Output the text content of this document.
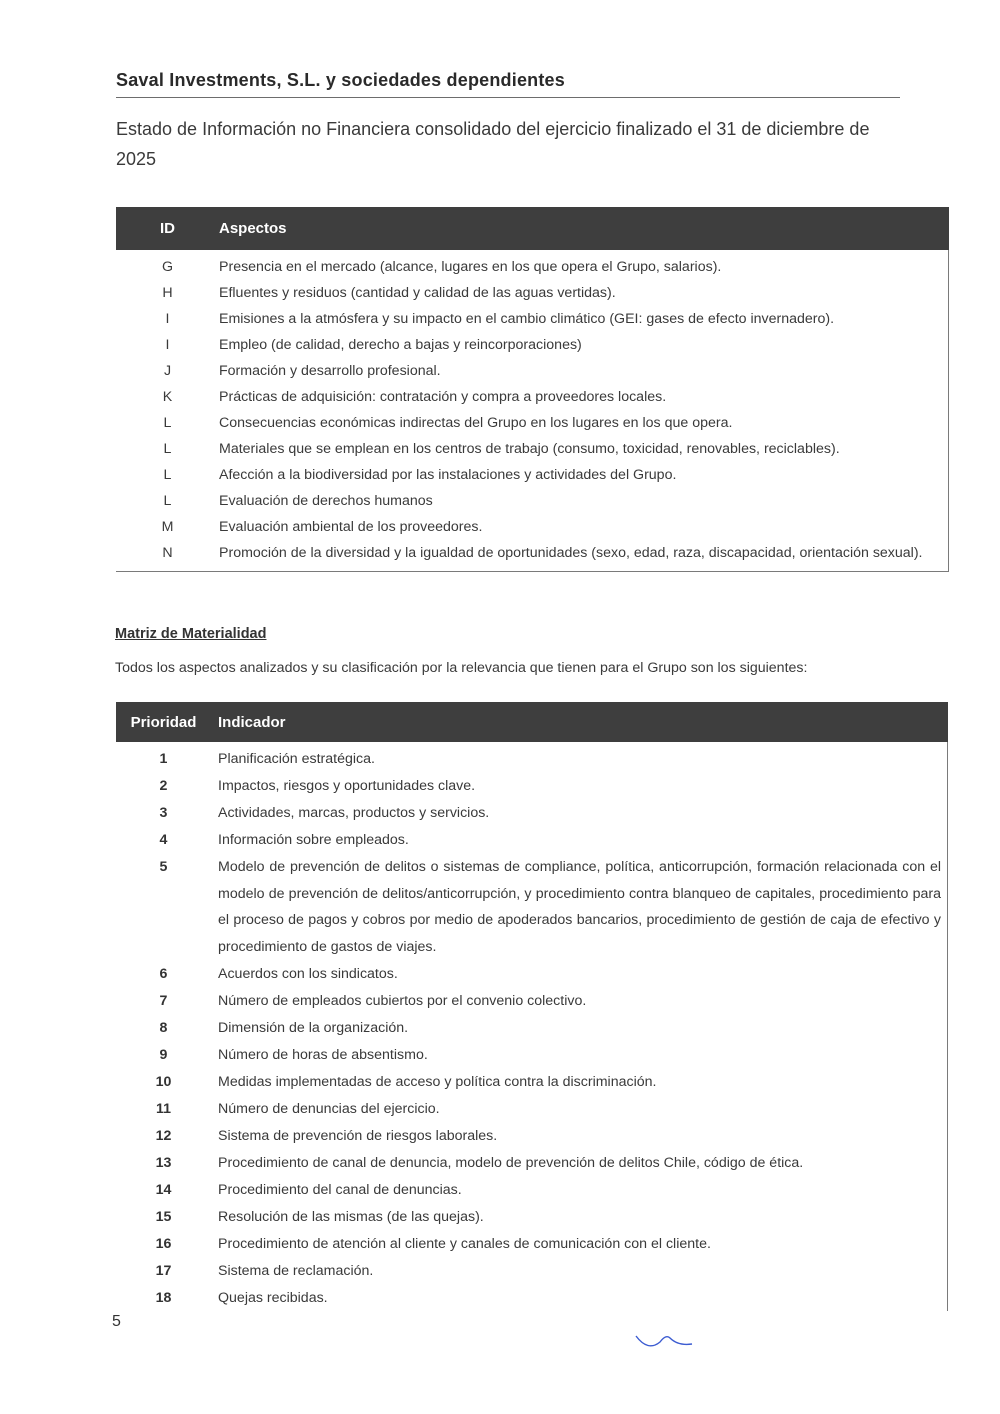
Saval Investments, S.L. y sociedades dependientes
Estado de Información no Financiera consolidado del ejercicio finalizado el 31 de diciembre de 2025
ID	Aspectos
G	Presencia en el mercado (alcance, lugares en los que opera el Grupo, salarios).
H	Efluentes y residuos (cantidad y calidad de las aguas vertidas).
I	Emisiones a la atmósfera y su impacto en el cambio climático (GEI: gases de efecto invernadero).
I	Empleo (de calidad, derecho a bajas y reincorporaciones)
J	Formación y desarrollo profesional.
K	Prácticas de adquisición: contratación y compra a proveedores locales.
L	Consecuencias económicas indirectas del Grupo en los lugares en los que opera.
L	Materiales que se emplean en los centros de trabajo (consumo, toxicidad, renovables, reciclables).
L	Afección a la biodiversidad por las instalaciones y actividades del Grupo.
L	Evaluación de derechos humanos
M	Evaluación ambiental de los proveedores.
N	Promoción de la diversidad y la igualdad de oportunidades (sexo, edad, raza, discapacidad, orientación sexual).
Matriz de Materialidad
Todos los aspectos analizados y su clasificación por la relevancia que tienen para el Grupo son los siguientes:
Prioridad	Indicador
1	Planificación estratégica.
2	Impactos, riesgos y oportunidades clave.
3	Actividades, marcas, productos y servicios.
4	Información sobre empleados.
5	Modelo de prevención de delitos o sistemas de compliance, política, anticorrupción, formación relacionada con el modelo de prevención de delitos/anticorrupción, y procedimiento contra blanqueo de capitales, procedimiento para el proceso de pagos y cobros por medio de apoderados bancarios, procedimiento de gestión de caja de efectivo y procedimiento de gastos de viajes.
6	Acuerdos con los sindicatos.
7	Número de empleados cubiertos por el convenio colectivo.
8	Dimensión de la organización.
9	Número de horas de absentismo.
10	Medidas implementadas de acceso y política contra la discriminación.
11	Número de denuncias del ejercicio.
12	Sistema de prevención de riesgos laborales.
13	Procedimiento de canal de denuncia, modelo de prevención de delitos Chile, código de ética.
14	Procedimiento del canal de denuncias.
15	Resolución de las mismas (de las quejas).
16	Procedimiento de atención al cliente y canales de comunicación con el cliente.
17	Sistema de reclamación.
18	Quejas recibidas.
5
